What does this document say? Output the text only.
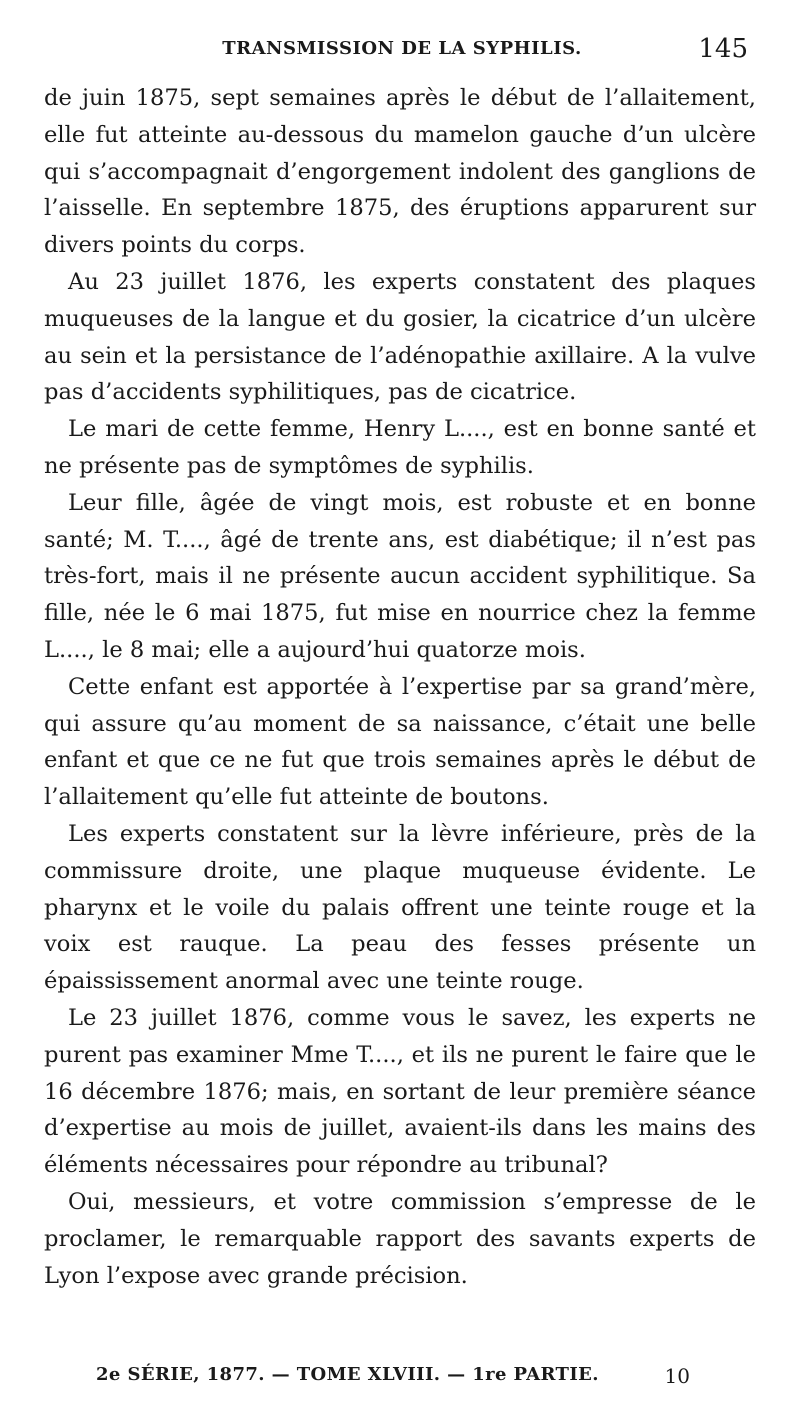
TRANSMISSION DE LA SYPHILIS.	145

de juin 1875, sept semaines après le début de l’allaitement, elle fut atteinte au-dessous du mamelon gauche d’un ulcère qui s’accompagnait d’engorgement indolent des ganglions de l’aisselle. En septembre 1875, des éruptions apparurent sur divers points du corps.

Au 23 juillet 1876, les experts constatent des plaques muqueuses de la langue et du gosier, la cicatrice d’un ulcère au sein et la persistance de l’adénopathie axillaire. A la vulve pas d’accidents syphilitiques, pas de cicatrice.

Le mari de cette femme, Henry L...., est en bonne santé et ne présente pas de symptômes de syphilis.

Leur fille, âgée de vingt mois, est robuste et en bonne santé; M. T...., âgé de trente ans, est diabétique; il n’est pas très-fort, mais il ne présente aucun accident syphilitique. Sa fille, née le 6 mai 1875, fut mise en nourrice chez la femme L...., le 8 mai; elle a aujourd’hui quatorze mois.

Cette enfant est apportée à l’expertise par sa grand’mère, qui assure qu’au moment de sa naissance, c’était une belle enfant et que ce ne fut que trois semaines après le début de l’allaitement qu’elle fut atteinte de boutons.

Les experts constatent sur la lèvre inférieure, près de la commissure droite, une plaque muqueuse évidente. Le pharynx et le voile du palais offrent une teinte rouge et la voix est rauque. La peau des fesses présente un épaississement anormal avec une teinte rouge.

Le 23 juillet 1876, comme vous le savez, les experts ne purent pas examiner Mme T...., et ils ne purent le faire que le 16 décembre 1876; mais, en sortant de leur première séance d’expertise au mois de juillet, avaient-ils dans les mains des éléments nécessaires pour répondre au tribunal?

Oui, messieurs, et votre commission s’empresse de le proclamer, le remarquable rapport des savants experts de Lyon l’expose avec grande précision.

2e SÉRIE, 1877. — TOME XLVIII. — 1re PARTIE.	10
